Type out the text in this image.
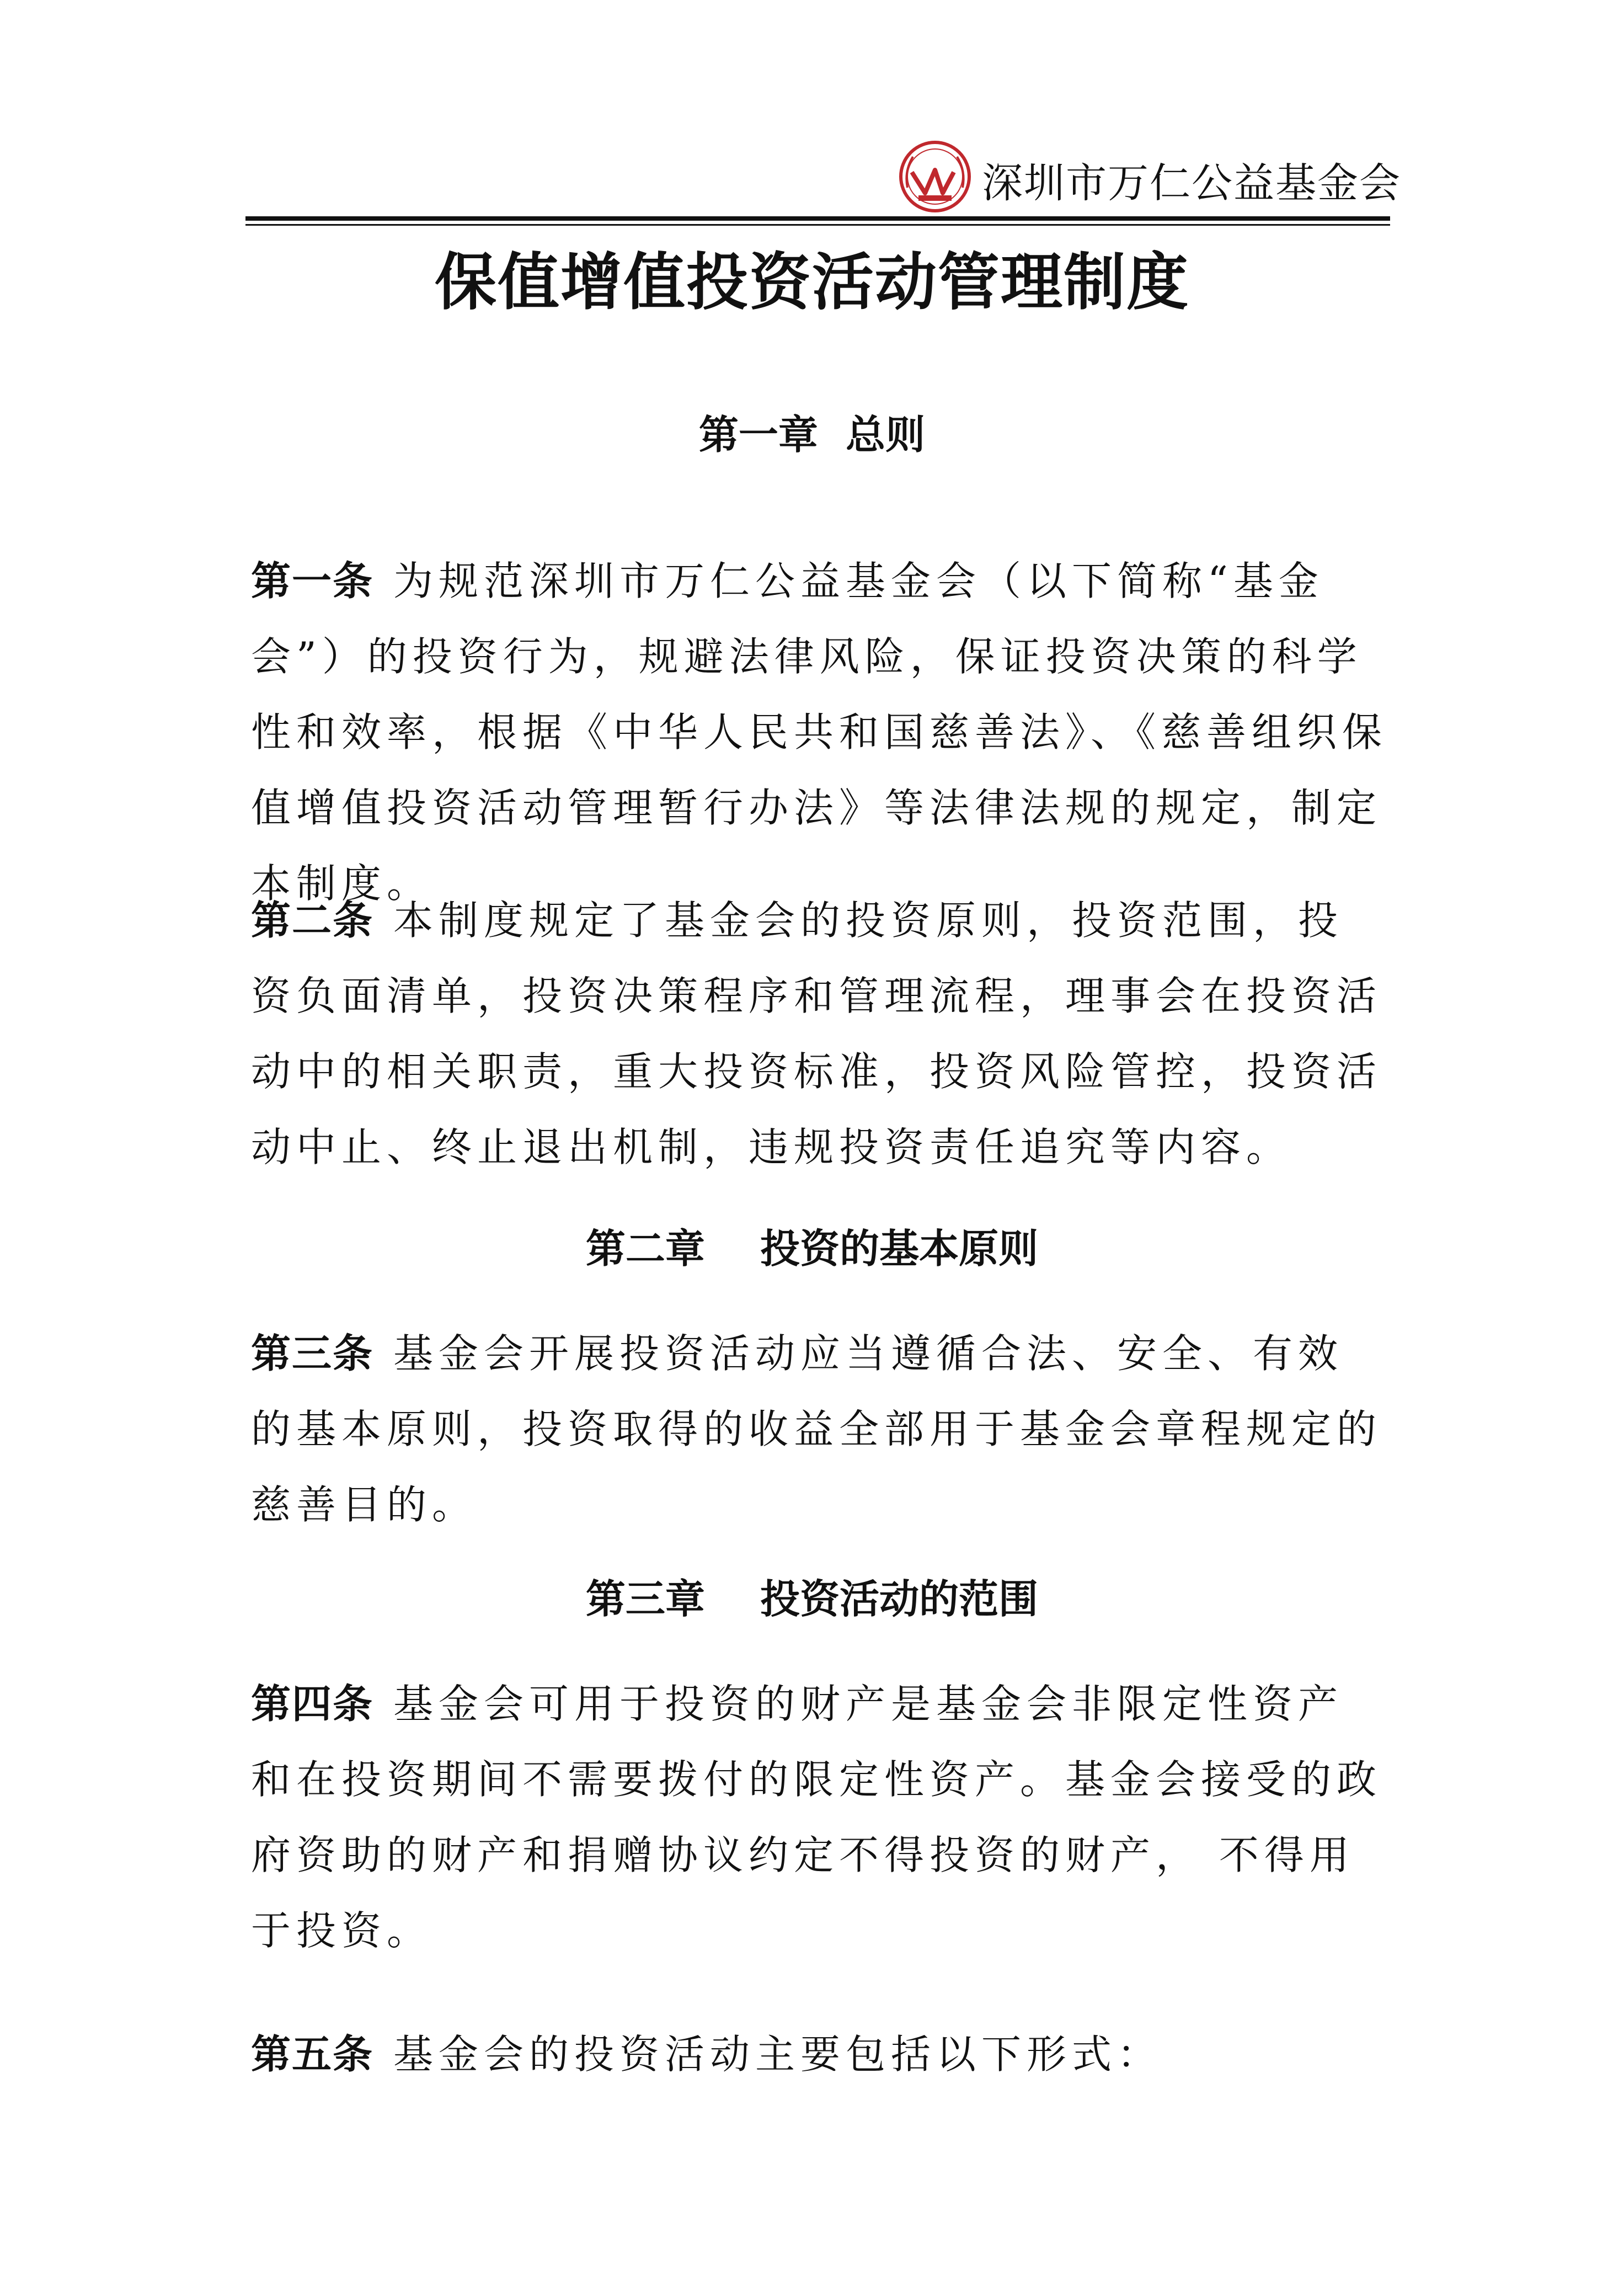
深圳市万仁公益基金会
保值增值投资活动管理制度
第一章  总则

第一条 为规范深圳市万仁公益基金会（以下简称“基金会”）的投资行为，规避法律风险，保证投资决策的科学性和效率，根据《中华人民共和国慈善法》、《慈善组织保值增值投资活动管理暂行办法》等法律法规的规定，制定本制度。

第二条 本制度规定了基金会的投资原则，投资范围，投资负面清单，投资决策程序和管理流程，理事会在投资活动中的相关职责，重大投资标准，投资风险管控，投资活动中止、终止退出机制，违规投资责任追究等内容。

第二章    投资的基本原则

第三条 基金会开展投资活动应当遵循合法、安全、有效的基本原则，投资取得的收益全部用于基金会章程规定的慈善目的。

第三章    投资活动的范围

第四条 基金会可用于投资的财产是基金会非限定性资产和在投资期间不需要拨付的限定性资产。基金会接受的政府资助的财产和捐赠协议约定不得投资的财产， 不得用于投资。

第五条 基金会的投资活动主要包括以下形式：
